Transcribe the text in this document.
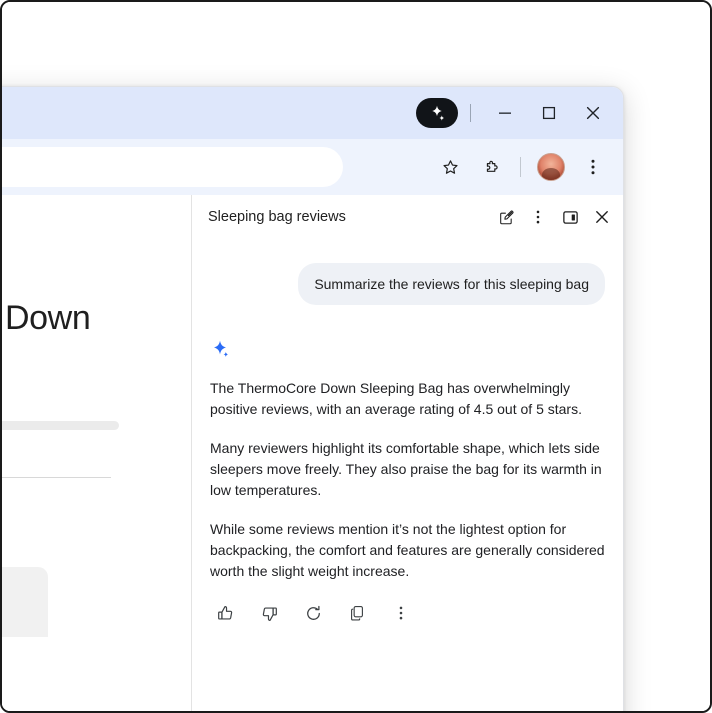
Down
Sleeping bag reviews
Summarize the reviews for this sleeping bag

The ThermoCore Down Sleeping Bag has overwhelmingly positive reviews, with an average rating of 4.5 out of 5 stars.

Many reviewers highlight its comfortable shape, which lets side sleepers move freely. They also praise the bag for its warmth in low temperatures.

While some reviews mention it’s not the lightest option for backpacking, the comfort and features are generally considered worth the slight weight increase.
